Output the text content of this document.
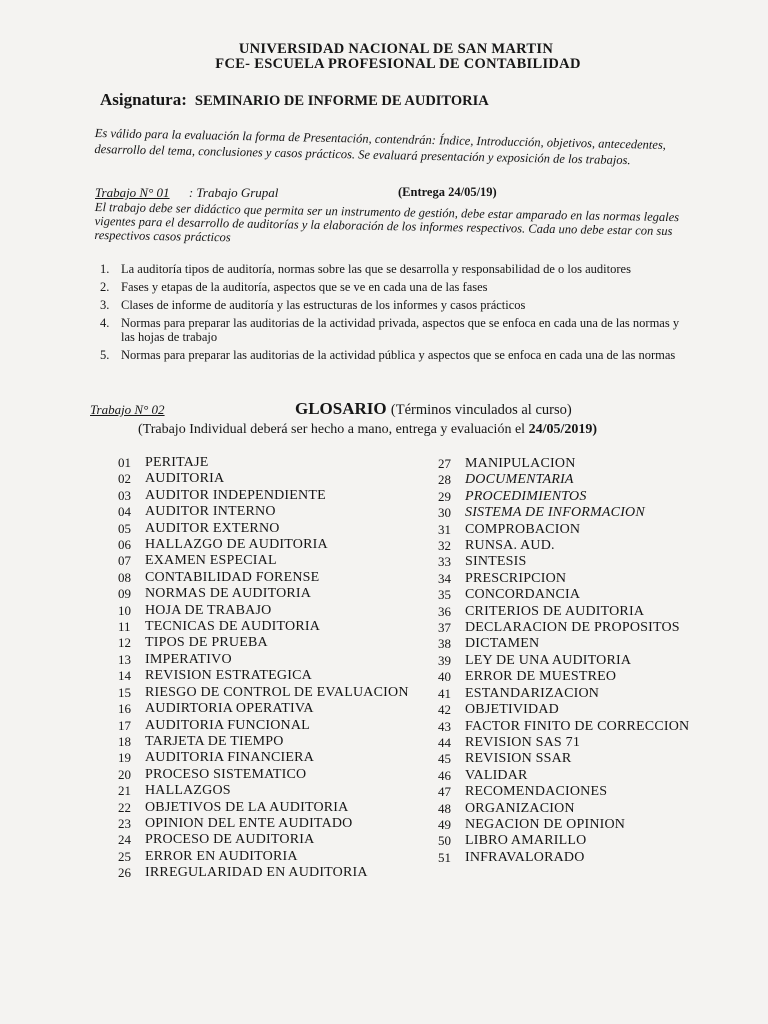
UNIVERSIDAD NACIONAL DE SAN MARTIN
FCE- ESCUELA PROFESIONAL DE CONTABILIDAD
Asignatura: SEMINARIO DE INFORME DE AUDITORIA
Es válido para la evaluación la forma de Presentación, contendrán: Índice, Introducción, objetivos, antecedentes, desarrollo del tema, conclusiones y casos prácticos. Se evaluará presentación y exposición de los trabajos.
Trabajo N° 01 : Trabajo Grupal	(Entrega 24/05/19)
El trabajo debe ser didáctico que permita ser un instrumento de gestión, debe estar amparado en las normas legales vigentes para el desarrollo de auditorías y la elaboración de los informes respectivos. Cada uno debe estar con sus respectivos casos prácticos
1. La auditoría tipos de auditoría, normas sobre las que se desarrolla y responsabilidad de o los auditores
2. Fases y etapas de la auditoría, aspectos que se ve en cada una de las fases
3. Clases de informe de auditoría y las estructuras de los informes y casos prácticos
4. Normas para preparar las auditorias de la actividad privada, aspectos que se enfoca en cada una de las normas y las hojas de trabajo
5. Normas para preparar las auditorias de la actividad pública y aspectos que se enfoca en cada una de las normas
Trabajo N° 02	GLOSARIO (Términos vinculados al curso)
(Trabajo Individual deberá ser hecho a mano, entrega y evaluación el 24/05/2019)
01 PERITAJE
02 AUDITORIA
03 AUDITOR INDEPENDIENTE
04 AUDITOR INTERNO
05 AUDITOR EXTERNO
06 HALLAZGO DE AUDITORIA
07 EXAMEN ESPECIAL
08 CONTABILIDAD FORENSE
09 NORMAS DE AUDITORIA
10 HOJA DE TRABAJO
11 TECNICAS DE AUDITORIA
12 TIPOS DE PRUEBA
13 IMPERATIVO
14 REVISION ESTRATEGICA
15 RIESGO DE CONTROL DE EVALUACION
16 AUDIRTORIA OPERATIVA
17 AUDITORIA FUNCIONAL
18 TARJETA DE TIEMPO
19 AUDITORIA FINANCIERA
20 PROCESO SISTEMATICO
21 HALLAZGOS
22 OBJETIVOS DE LA AUDITORIA
23 OPINION DEL ENTE AUDITADO
24 PROCESO DE AUDITORIA
25 ERROR EN AUDITORIA
26 IRREGULARIDAD EN AUDITORIA
27 MANIPULACION
28 DOCUMENTARIA
29 PROCEDIMIENTOS
30 SISTEMA DE INFORMACION
31 COMPROBACION
32 RUNSA. AUD.
33 SINTESIS
34 PRESCRIPCION
35 CONCORDANCIA
36 CRITERIOS DE AUDITORIA
37 DECLARACION DE PROPOSITOS
38 DICTAMEN
39 LEY DE UNA AUDITORIA
40 ERROR DE MUESTREO
41 ESTANDARIZACION
42 OBJETIVIDAD
43 FACTOR FINITO DE CORRECCION
44 REVISION SAS 71
45 REVISION SSAR
46 VALIDAR
47 RECOMENDACIONES
48 ORGANIZACION
49 NEGACION DE OPINION
50 LIBRO AMARILLO
51 INFRAVALORADO
